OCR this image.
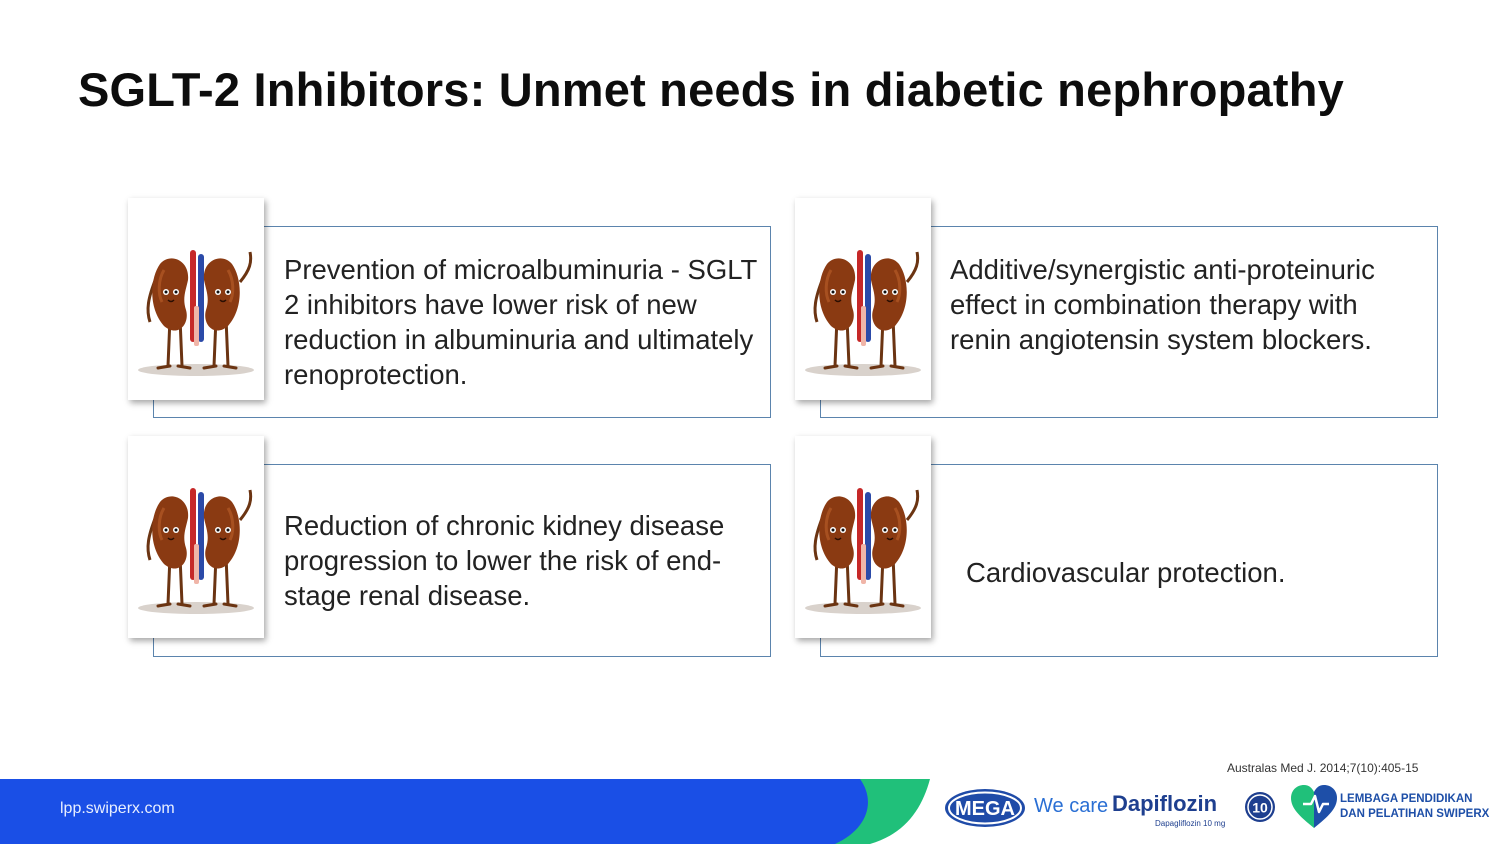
SGLT-2 Inhibitors: Unmet needs in diabetic nephropathy
Prevention of microalbuminuria - SGLT 2 inhibitors have lower risk of new reduction in albuminuria and ultimately renoprotection.
Additive/synergistic anti-proteinuric effect in combination therapy with renin angiotensin system blockers.
Reduction of chronic kidney disease progression to lower the risk of end-stage renal disease.
Cardiovascular protection.
Australas Med J. 2014;7(10):405-15
lpp.swiperx.com	MEGA We care Dapiflozin
Dapagliflozin 10 mg
10
LEMBAGA PENDIDIKAN
DAN PELATIHAN SWIPERX
